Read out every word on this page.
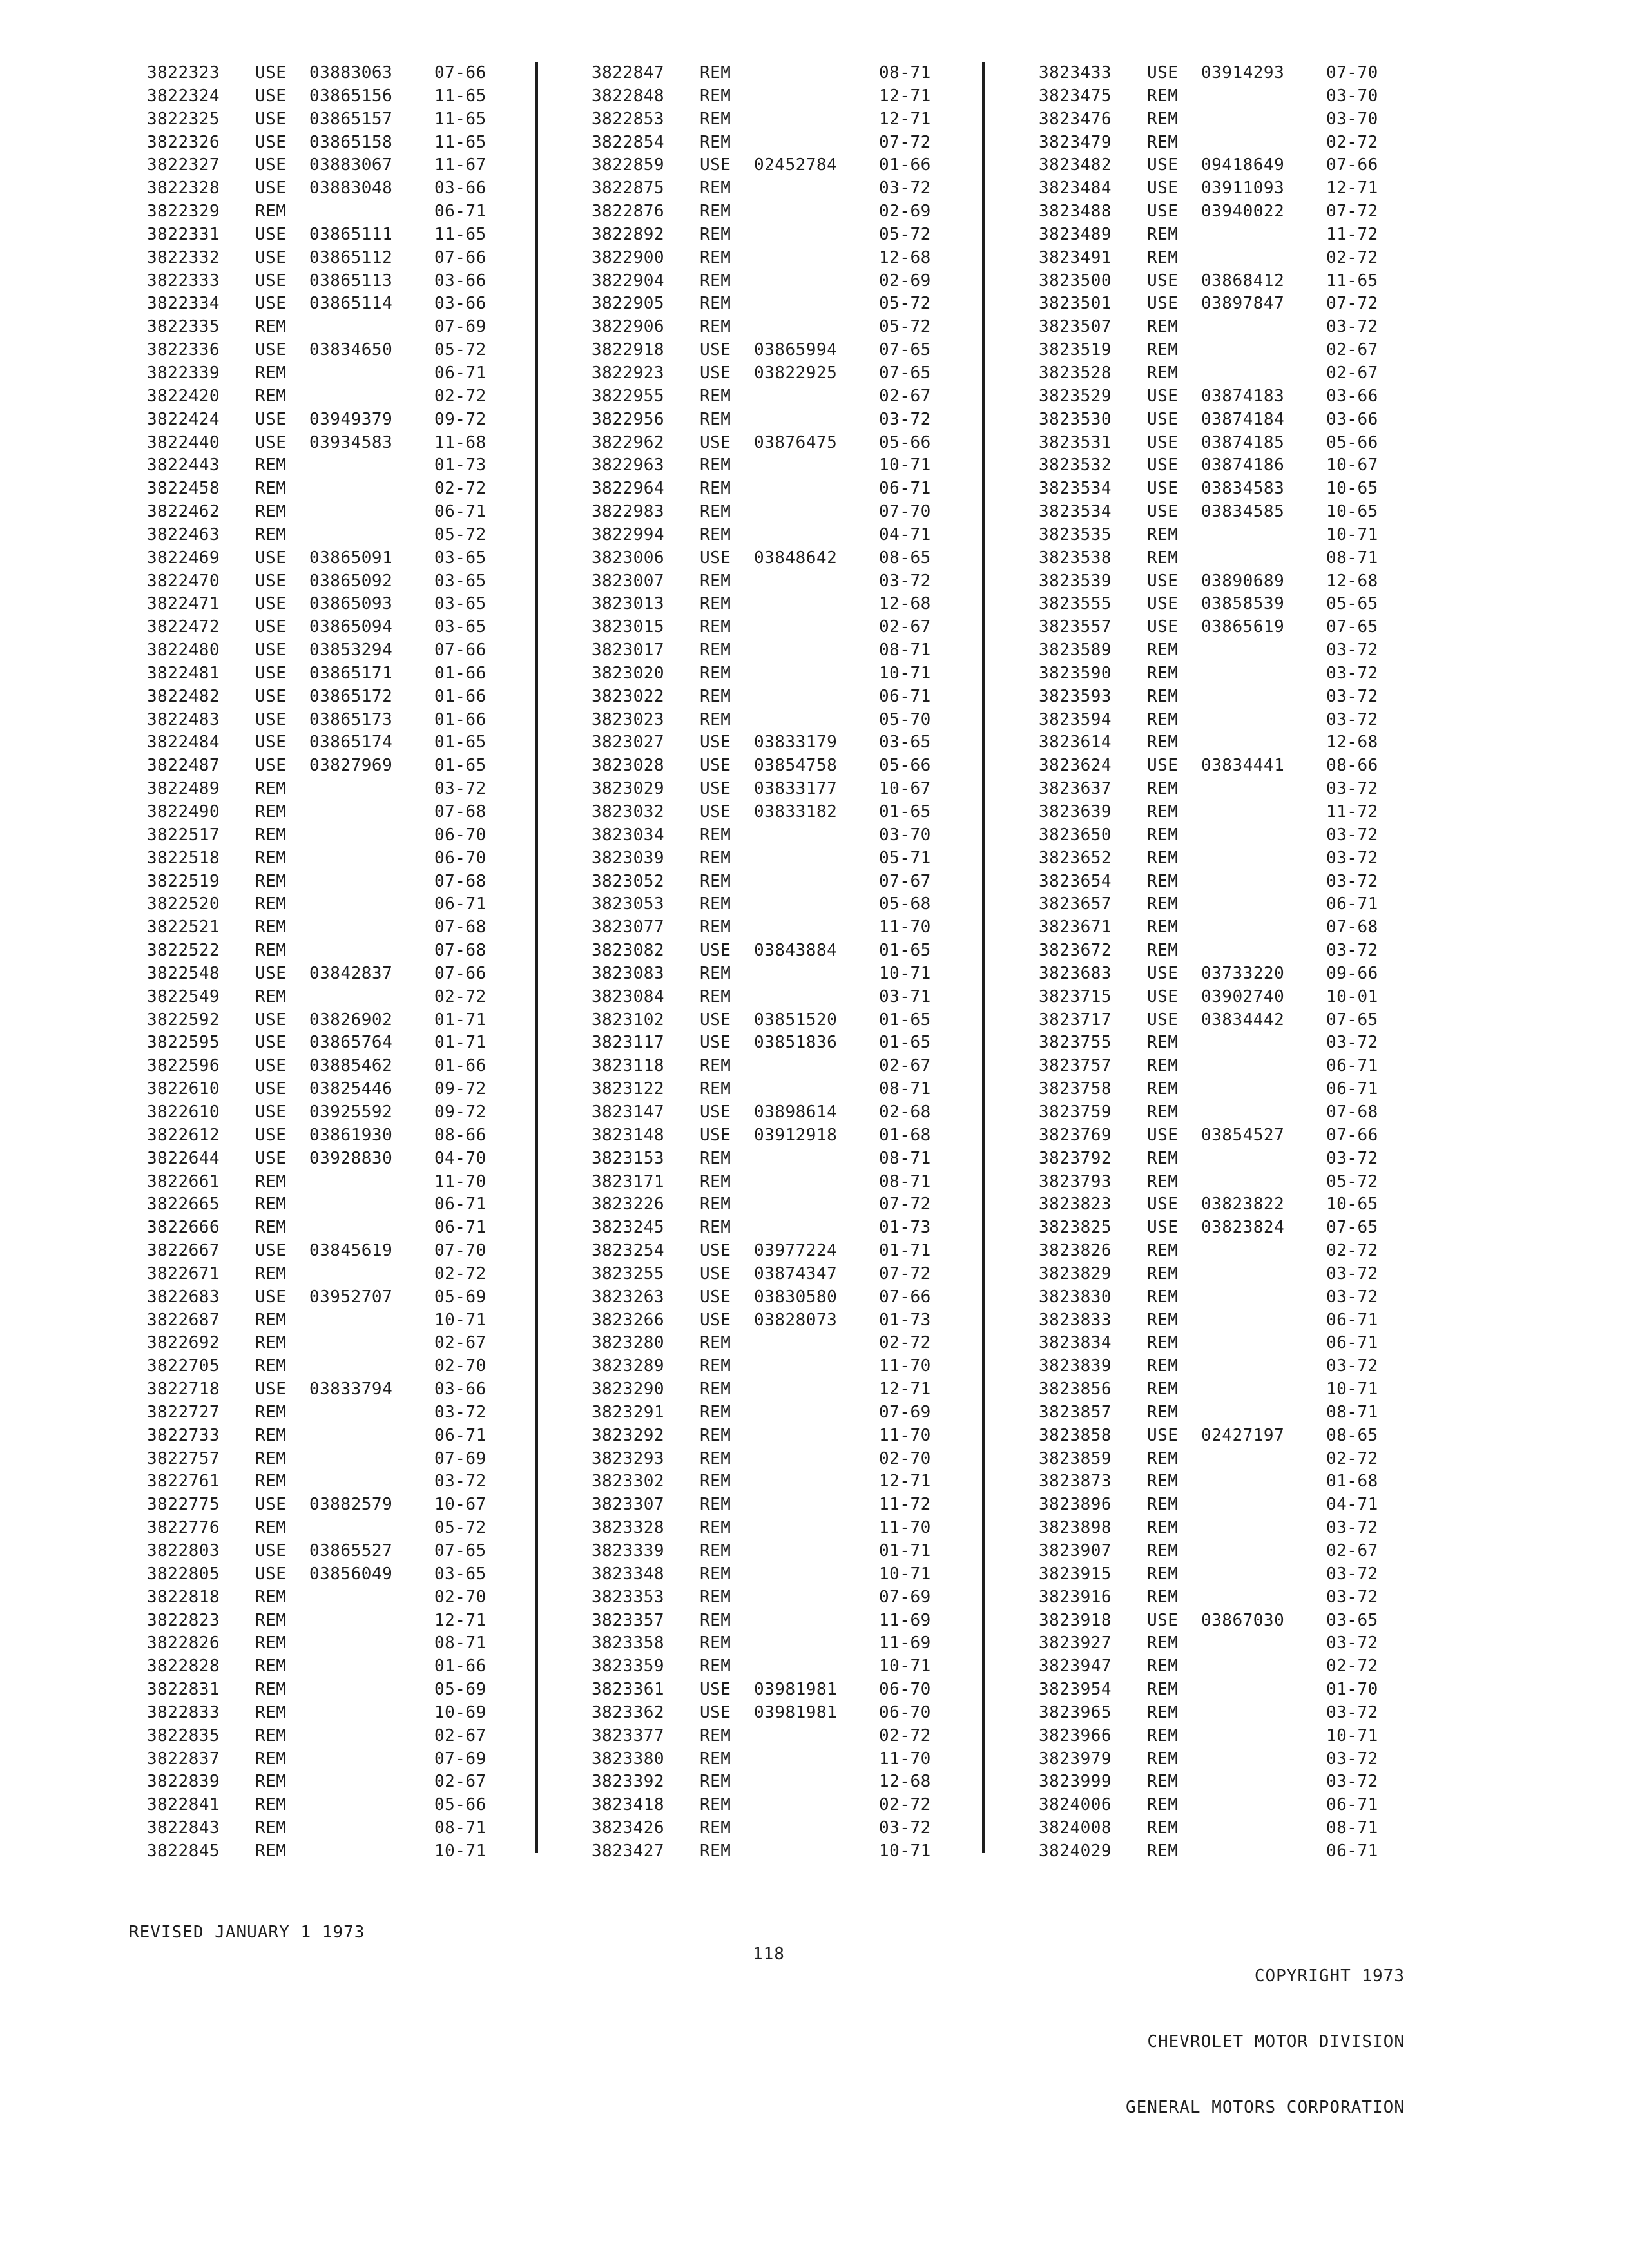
3822323 USE 03883063 07-66
3822324 USE 03865156 11-65
3822325 USE 03865157 11-65
3822326 USE 03865158 11-65
3822327 USE 03883067 11-67
3822328 USE 03883048 03-66
3822329 REM	06-71
3822331 USE 03865111 11-65
3822332 USE 03865112 07-66
3822333 USE 03865113 03-66
3822334 USE 03865114 03-66
3822335 REM	07-69
3822336 USE 03834650 05-72
3822339 REM	06-71
3822420 REM	02-72
3822424 USE 03949379 09-72
3822440 USE 03934583 11-68
3822443 REM	01-73
3822458 REM	02-72
3822462 REM	06-71
3822463 REM	05-72
3822469 USE 03865091 03-65
3822470 USE 03865092 03-65
3822471 USE 03865093 03-65
3822472 USE 03865094 03-65
3822480 USE 03853294 07-66
3822481 USE 03865171 01-66
3822482 USE 03865172 01-66
3822483 USE 03865173 01-66
3822484 USE 03865174 01-65
3822487 USE 03827969 01-65
3822489 REM	03-72
3822490 REM	07-68
3822517 REM	06-70
3822518 REM	06-70
3822519 REM	07-68
3822520 REM	06-71
3822521 REM	07-68
3822522 REM	07-68
3822548 USE 03842837 07-66
3822549 REM	02-72
3822592 USE 03826902 01-71
3822595 USE 03865764 01-71
3822596 USE 03885462 01-66
3822610 USE 03825446 09-72
3822610 USE 03925592 09-72
3822612 USE 03861930 08-66
3822644 USE 03928830 04-70
3822661 REM	11-70
3822665 REM	06-71
3822666 REM	06-71
3822667 USE 03845619 07-70
3822671 REM	02-72
3822683 USE 03952707 05-69
3822687 REM	10-71
3822692 REM	02-67
3822705 REM	02-70
3822718 USE 03833794 03-66
3822727 REM	03-72
3822733 REM	06-71
3822757 REM	07-69
3822761 REM	03-72
3822775 USE 03882579 10-67
3822776 REM	05-72
3822803 USE 03865527 07-65
3822805 USE 03856049 03-65
3822818 REM	02-70
3822823 REM	12-71
3822826 REM	08-71
3822828 REM	01-66
3822831 REM	05-69
3822833 REM	10-69
3822835 REM	02-67
3822837 REM	07-69
3822839 REM	02-67
3822841 REM	05-66
3822843 REM	08-71
3822845 REM	10-71
3822847 REM	08-71
3822848 REM	12-71
3822853 REM	12-71
3822854 REM	07-72
3822859 USE 02452784 01-66
3822875 REM	03-72
3822876 REM	02-69
3822892 REM	05-72
3822900 REM	12-68
3822904 REM	02-69
3822905 REM	05-72
3822906 REM	05-72
3822918 USE 03865994 07-65
3822923 USE 03822925 07-65
3822955 REM	02-67
3822956 REM	03-72
3822962 USE 03876475 05-66
3822963 REM	10-71
3822964 REM	06-71
3822983 REM	07-70
3822994 REM	04-71
3823006 USE 03848642 08-65
3823007 REM	03-72
3823013 REM	12-68
3823015 REM	02-67
3823017 REM	08-71
3823020 REM	10-71
3823022 REM	06-71
3823023 REM	05-70
3823027 USE 03833179 03-65
3823028 USE 03854758 05-66
3823029 USE 03833177 10-67
3823032 USE 03833182 01-65
3823034 REM	03-70
3823039 REM	05-71
3823052 REM	07-67
3823053 REM	05-68
3823077 REM	11-70
3823082 USE 03843884 01-65
3823083 REM	10-71
3823084 REM	03-71
3823102 USE 03851520 01-65
3823117 USE 03851836 01-65
3823118 REM	02-67
3823122 REM	08-71
3823147 USE 03898614 02-68
3823148 USE 03912918 01-68
3823153 REM	08-71
3823171 REM	08-71
3823226 REM	07-72
3823245 REM	01-73
3823254 USE 03977224 01-71
3823255 USE 03874347 07-72
3823263 USE 03830580 07-66
3823266 USE 03828073 01-73
3823280 REM	02-72
3823289 REM	11-70
3823290 REM	12-71
3823291 REM	07-69
3823292 REM	11-70
3823293 REM	02-70
3823302 REM	12-71
3823307 REM	11-72
3823328 REM	11-70
3823339 REM	01-71
3823348 REM	10-71
3823353 REM	07-69
3823357 REM	11-69
3823358 REM	11-69
3823359 REM	10-71
3823361 USE 03981981 06-70
3823362 USE 03981981 06-70
3823377 REM	02-72
3823380 REM	11-70
3823392 REM	12-68
3823418 REM	02-72
3823426 REM	03-72
3823427 REM	10-71
3823433 USE 03914293 07-70
3823475 REM	03-70
3823476 REM	03-70
3823479 REM	02-72
3823482 USE 09418649 07-66
3823484 USE 03911093 12-71
3823488 USE 03940022 07-72
3823489 REM	11-72
3823491 REM	02-72
3823500 USE 03868412 11-65
3823501 USE 03897847 07-72
3823507 REM	03-72
3823519 REM	02-67
3823528 REM	02-67
3823529 USE 03874183 03-66
3823530 USE 03874184 03-66
3823531 USE 03874185 05-66
3823532 USE 03874186 10-67
3823534 USE 03834583 10-65
3823534 USE 03834585 10-65
3823535 REM	10-71
3823538 REM	08-71
3823539 USE 03890689 12-68
3823555 USE 03858539 05-65
3823557 USE 03865619 07-65
3823589 REM	03-72
3823590 REM	03-72
3823593 REM	03-72
3823594 REM	03-72
3823614 REM	12-68
3823624 USE 03834441 08-66
3823637 REM	03-72
3823639 REM	11-72
3823650 REM	03-72
3823652 REM	03-72
3823654 REM	03-72
3823657 REM	06-71
3823671 REM	07-68
3823672 REM	03-72
3823683 USE 03733220 09-66
3823715 USE 03902740 10-01
3823717 USE 03834442 07-65
3823755 REM	03-72
3823757 REM	06-71
3823758 REM	06-71
3823759 REM	07-68
3823769 USE 03854527 07-66
3823792 REM	03-72
3823793 REM	05-72
3823823 USE 03823822 10-65
3823825 USE 03823824 07-65
3823826 REM	02-72
3823829 REM	03-72
3823830 REM	03-72
3823833 REM	06-71
3823834 REM	06-71
3823839 REM	03-72
3823856 REM	10-71
3823857 REM	08-71
3823858 USE 02427197 08-65
3823859 REM	02-72
3823873 REM	01-68
3823896 REM	04-71
3823898 REM	03-72
3823907 REM	02-67
3823915 REM	03-72
3823916 REM	03-72
3823918 USE 03867030 03-65
3823927 REM	03-72
3823947 REM	02-72
3823954 REM	01-70
3823965 REM	03-72
3823966 REM	10-71
3823979 REM	03-72
3823999 REM	03-72
3824006 REM	06-71
3824008 REM	08-71
3824029 REM	06-71
REVISED JANUARY 1 1973
118

COPYRIGHT 1973

CHEVROLET MOTOR DIVISION

GENERAL MOTORS CORPORATION
